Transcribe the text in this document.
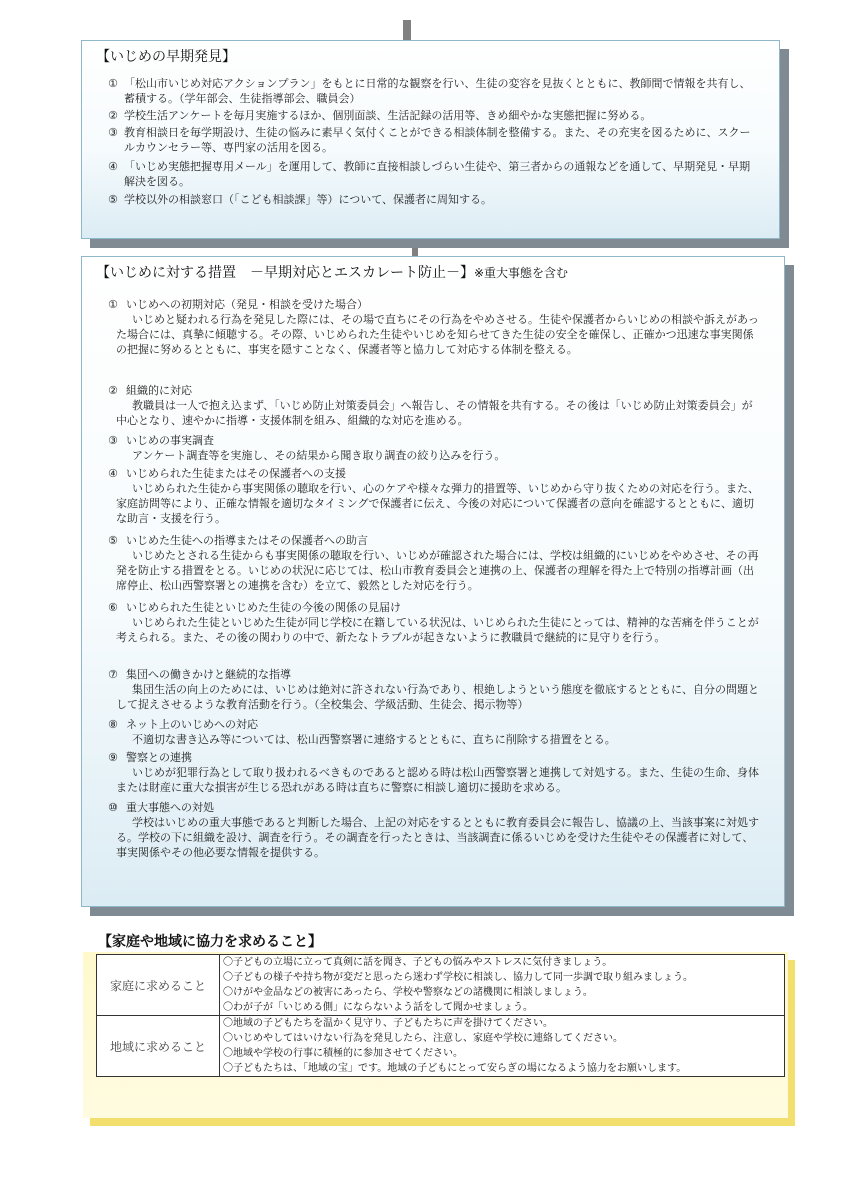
【いじめの早期発見】
① 「松山市いじめ対応アクションプラン」をもとに日常的な観察を行い、生徒の変容を見抜くとともに、教師間で情報を共有し、蓄積する。（学年部会、生徒指導部会、職員会）
② 学校生活アンケートを毎月実施するほか、個別面談、生活記録の活用等、きめ細やかな実態把握に努める。
③ 教育相談日を毎学期設け、生徒の悩みに素早く気付くことができる相談体制を整備する。また、その充実を図るために、スクールカウンセラー等、専門家の活用を図る。
④ 「いじめ実態把握専用メール」を運用して、教師に直接相談しづらい生徒や、第三者からの通報などを通して、早期発見・早期解決を図る。
⑤ 学校以外の相談窓口（「こども相談課」等）について、保護者に周知する。
【いじめに対する措置　－早期対応とエスカレート防止－】※重大事態を含む
① いじめへの初期対応（発見・相談を受けた場合）
いじめと疑われる行為を発見した際には、その場で直ちにその行為をやめさせる。生徒や保護者からいじめの相談や訴えがあった場合には、真摯に傾聴する。その際、いじめられた生徒やいじめを知らせてきた生徒の安全を確保し、正確かつ迅速な事実関係の把握に努めるとともに、事実を隠すことなく、保護者等と協力して対応する体制を整える。
② 組織的に対応
教職員は一人で抱え込まず、「いじめ防止対策委員会」へ報告し、その情報を共有する。その後は「いじめ防止対策委員会」が中心となり、速やかに指導・支援体制を組み、組織的な対応を進める。
③ いじめの事実調査
アンケート調査等を実施し、その結果から聞き取り調査の絞り込みを行う。
④ いじめられた生徒またはその保護者への支援
いじめられた生徒から事実関係の聴取を行い、心のケアや様々な弾力的措置等、いじめから守り抜くための対応を行う。また、家庭訪問等により、正確な情報を適切なタイミングで保護者に伝え、今後の対応について保護者の意向を確認するとともに、適切な助言・支援を行う。
⑤ いじめた生徒への指導またはその保護者への助言
いじめたとされる生徒からも事実関係の聴取を行い、いじめが確認された場合には、学校は組織的にいじめをやめさせ、その再発を防止する措置をとる。いじめの状況に応じては、松山市教育委員会と連携の上、保護者の理解を得た上で特別の指導計画（出席停止、松山西警察署との連携を含む）を立て、毅然とした対応を行う。
⑥ いじめられた生徒といじめた生徒の今後の関係の見届け
いじめられた生徒といじめた生徒が同じ学校に在籍している状況は、いじめられた生徒にとっては、精神的な苦痛を伴うことが考えられる。また、その後の関わりの中で、新たなトラブルが起きないように教職員で継続的に見守りを行う。
⑦ 集団への働きかけと継続的な指導
集団生活の向上のためには、いじめは絶対に許されない行為であり、根絶しようという態度を徹底するとともに、自分の問題として捉えさせるような教育活動を行う。（全校集会、学級活動、生徒会、掲示物等）
⑧ ネット上のいじめへの対応
不適切な書き込み等については、松山西警察署に連絡するとともに、直ちに削除する措置をとる。
⑨ 警察との連携
いじめが犯罪行為として取り扱われるべきものであると認める時は松山西警察署と連携して対処する。また、生徒の生命、身体または財産に重大な損害が生じる恐れがある時は直ちに警察に相談し適切に援助を求める。
⑩ 重大事態への対処
学校はいじめの重大事態であると判断した場合、上記の対応をするとともに教育委員会に報告し、協議の上、当該事案に対処する。学校の下に組織を設け、調査を行う。その調査を行ったときは、当該調査に係るいじめを受けた生徒やその保護者に対して、事実関係やその他必要な情報を提供する。
【家庭や地域に協力を求めること】
家庭に求めること	〇子どもの立場に立って真剣に話を聞き、子どもの悩みやストレスに気付きましょう。
〇子どもの様子や持ち物が変だと思ったら迷わず学校に相談し、協力して同一歩調で取り組みましょう。
〇けがや金品などの被害にあったら、学校や警察などの諸機関に相談しましょう。
〇わが子が「いじめる側」にならないよう話をして聞かせましょう。

地域に求めること	〇地域の子どもたちを温かく見守り、子どもたちに声を掛けてください。
〇いじめやしてはいけない行為を発見したら、注意し、家庭や学校に連絡してください。
〇地域や学校の行事に積極的に参加させてください。
〇子どもたちは、「地域の宝」です。地域の子どもにとって安らぎの場になるよう協力をお願いします。
